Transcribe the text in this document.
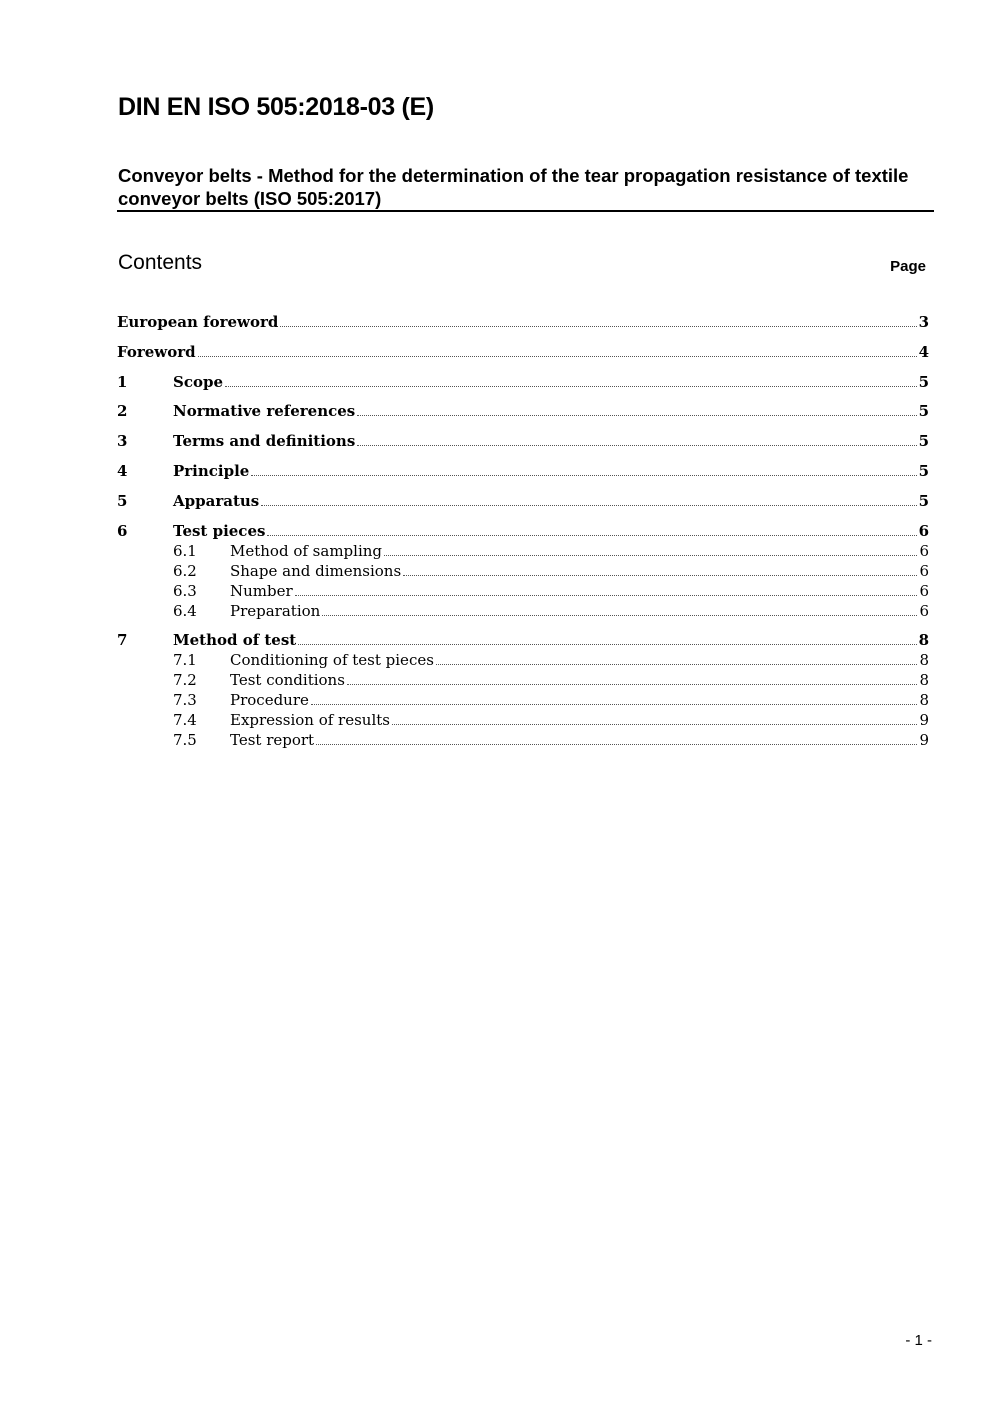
DIN EN ISO 505:2018-03 (E)
Conveyor belts - Method for the determination of the tear propagation resistance of textile conveyor belts (ISO 505:2017)
Contents	Page
European foreword	3
Foreword	4
1	Scope	5
2	Normative references	5
3	Terms and definitions	5
4	Principle	5
5	Apparatus	5
6	Test pieces	6
6.1	Method of sampling	6
6.2	Shape and dimensions	6
6.3	Number	6
6.4	Preparation	6
7	Method of test	8
7.1	Conditioning of test pieces	8
7.2	Test conditions	8
7.3	Procedure	8
7.4	Expression of results	9
7.5	Test report	9
- 1 -
